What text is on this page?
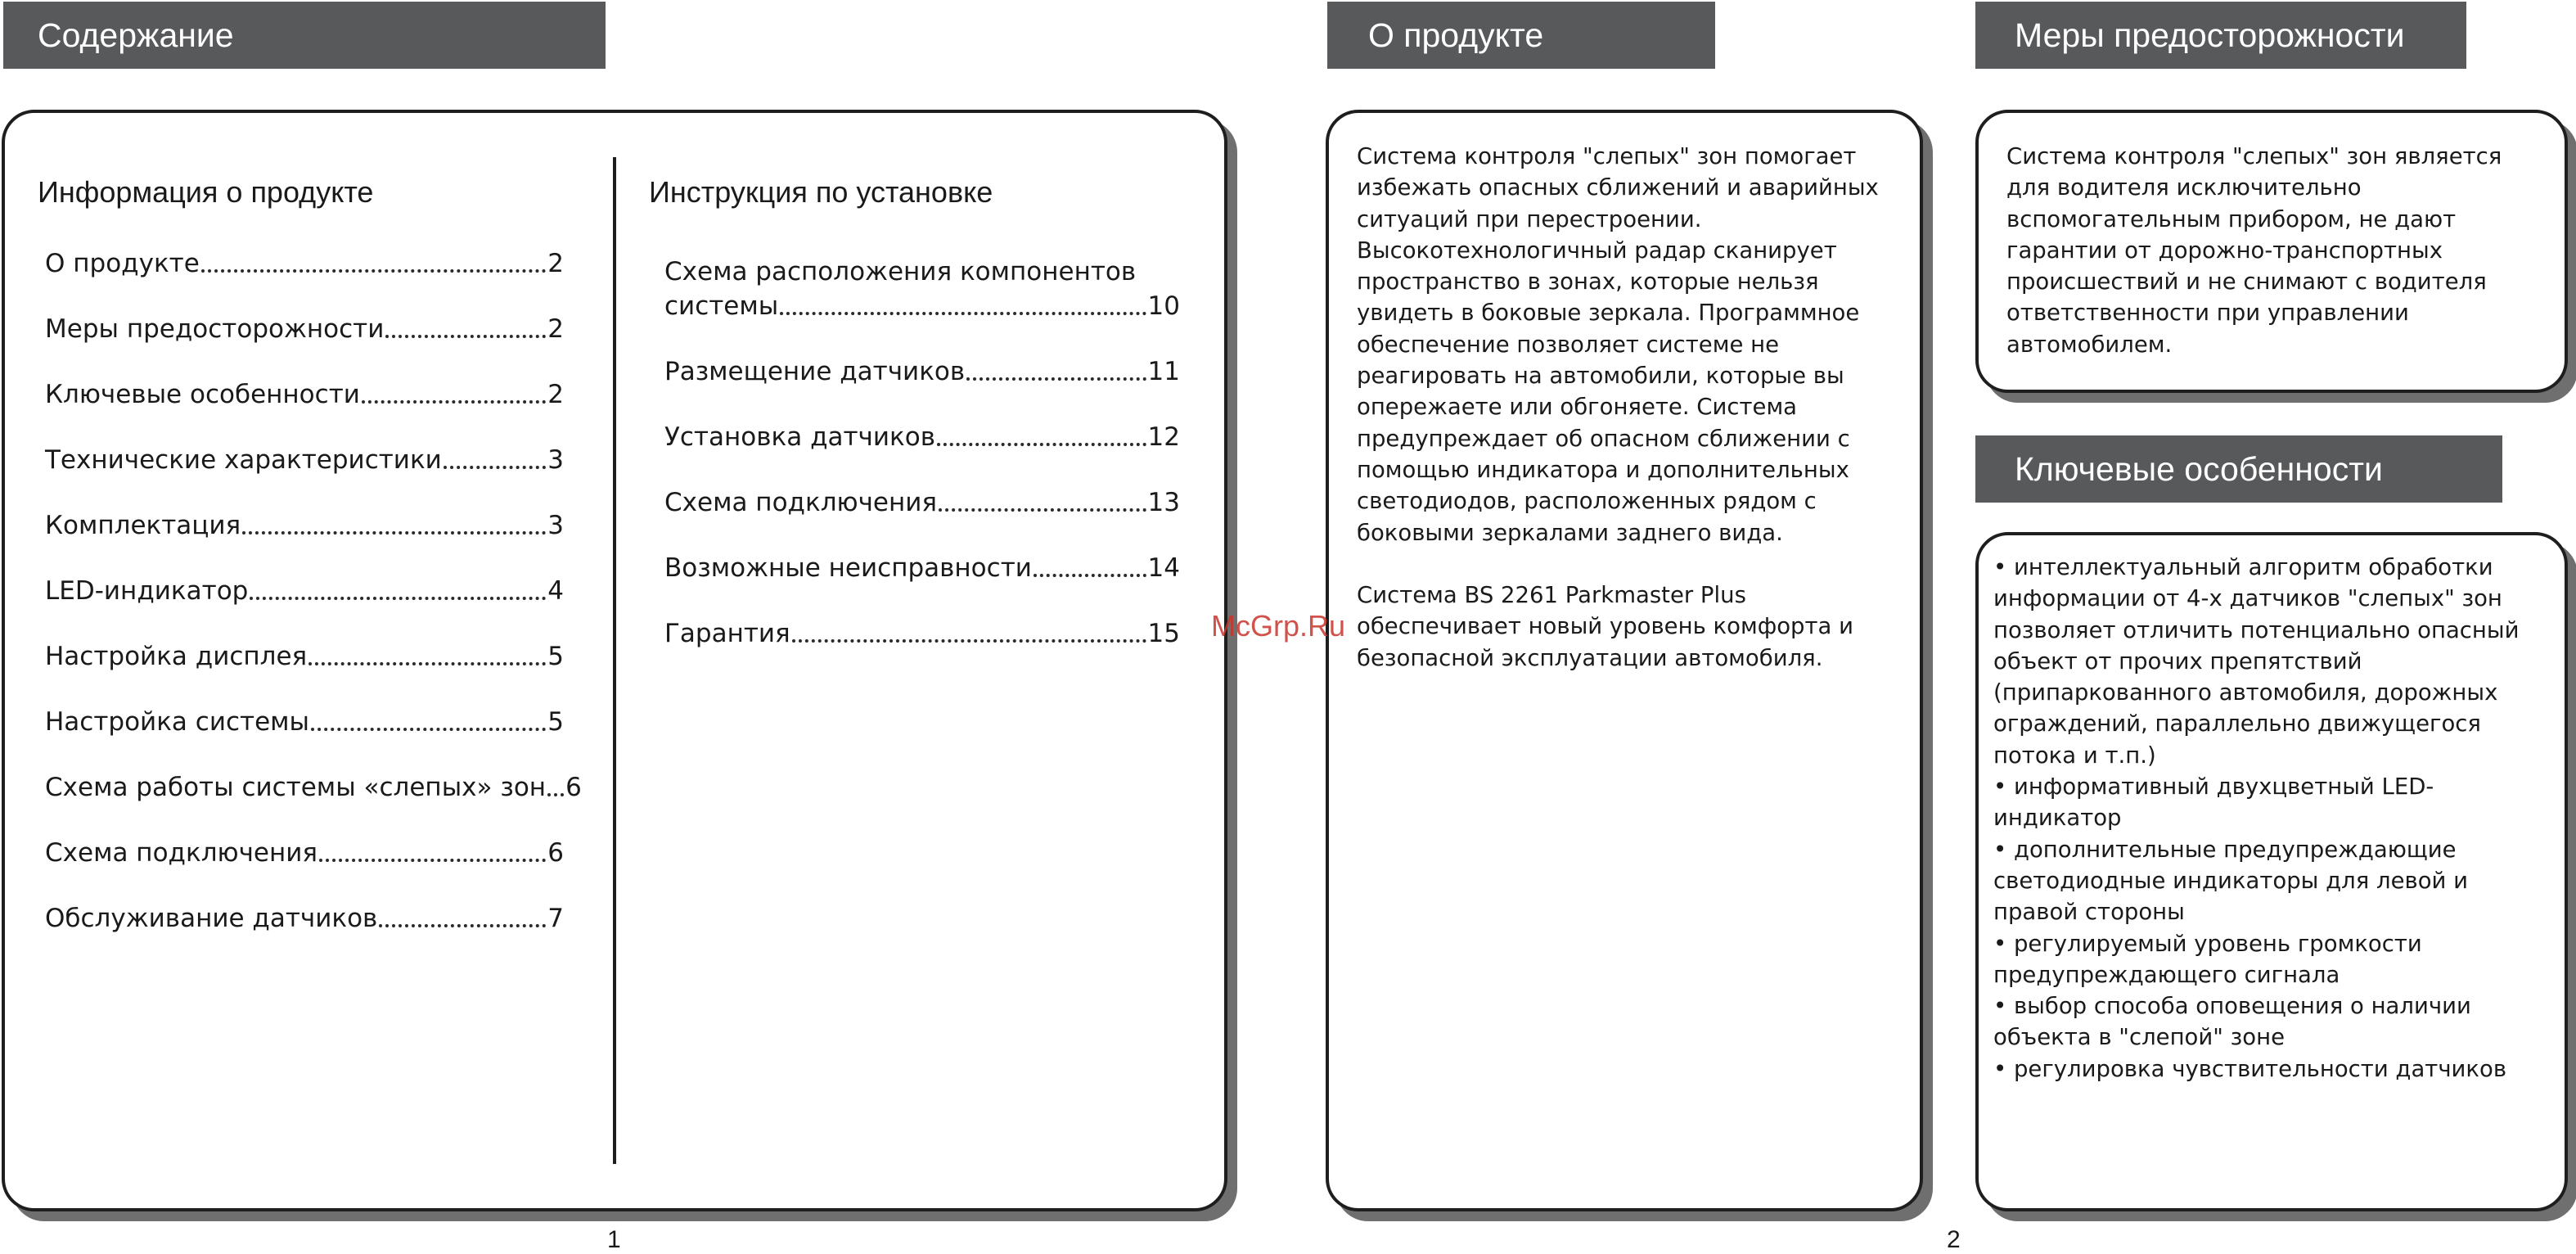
Содержание
Информация о продукте
О продукте	2
Меры предосторожности	2
Ключевые особенности	2
Технические характеристики	3
Комплектация	3
LED-индикатор	4
Настройка дисплея	5
Настройка системы	5
Схема работы системы «слепых» зон 6
Схема подключения	6
Обслуживание датчиков	7
Инструкция по установке
Схема расположения компонентов
системы	10
Размещение датчиков	11
Установка датчиков	12
Схема подключения	13
Возможные неисправности	14
Гарантия	15
1
О продукте

Система контроля "слепых" зон помогает избежать опасных сближений и аварийных ситуаций при перестроении. Высокотехнологичный радар сканирует пространство в зонах, которые нельзя увидеть в боковые зеркала. Программное обеспечение позволяет системе не реагировать на автомобили, которые вы опережаете или обгоняете. Система предупреждает об опасном сближении с помощью индикатора и дополнительных светодиодов, расположенных рядом с боковыми зеркалами заднего вида.

Система BS 2261 Parkmaster Plus обеспечивает новый уровень комфорта и безопасной эксплуатации автомобиля.

Меры предосторожности

Система контроля "слепых" зон является для водителя исключительно вспомогательным прибором, не дают гарантии от дорожно-транспортных происшествий и не снимают с водителя ответственности при управлении автомобилем.

Ключевые особенности
• интеллектуальный алгоритм обработки информации от 4-х датчиков "слепых" зон позволяет отличить потенциально опасный объект от прочих препятствий (припаркованного автомобиля, дорожных ограждений, параллельно движущегося потока и т.п.)
• информативный двухцветный LED-индикатор
• дополнительные предупреждающие светодиодные индикаторы для левой и правой стороны
• регулируемый уровень громкости предупреждающего сигнала
• выбор способа оповещения о наличии объекта в "слепой" зоне
• регулировка чувствительности датчиков
2
McGrp.Ru
